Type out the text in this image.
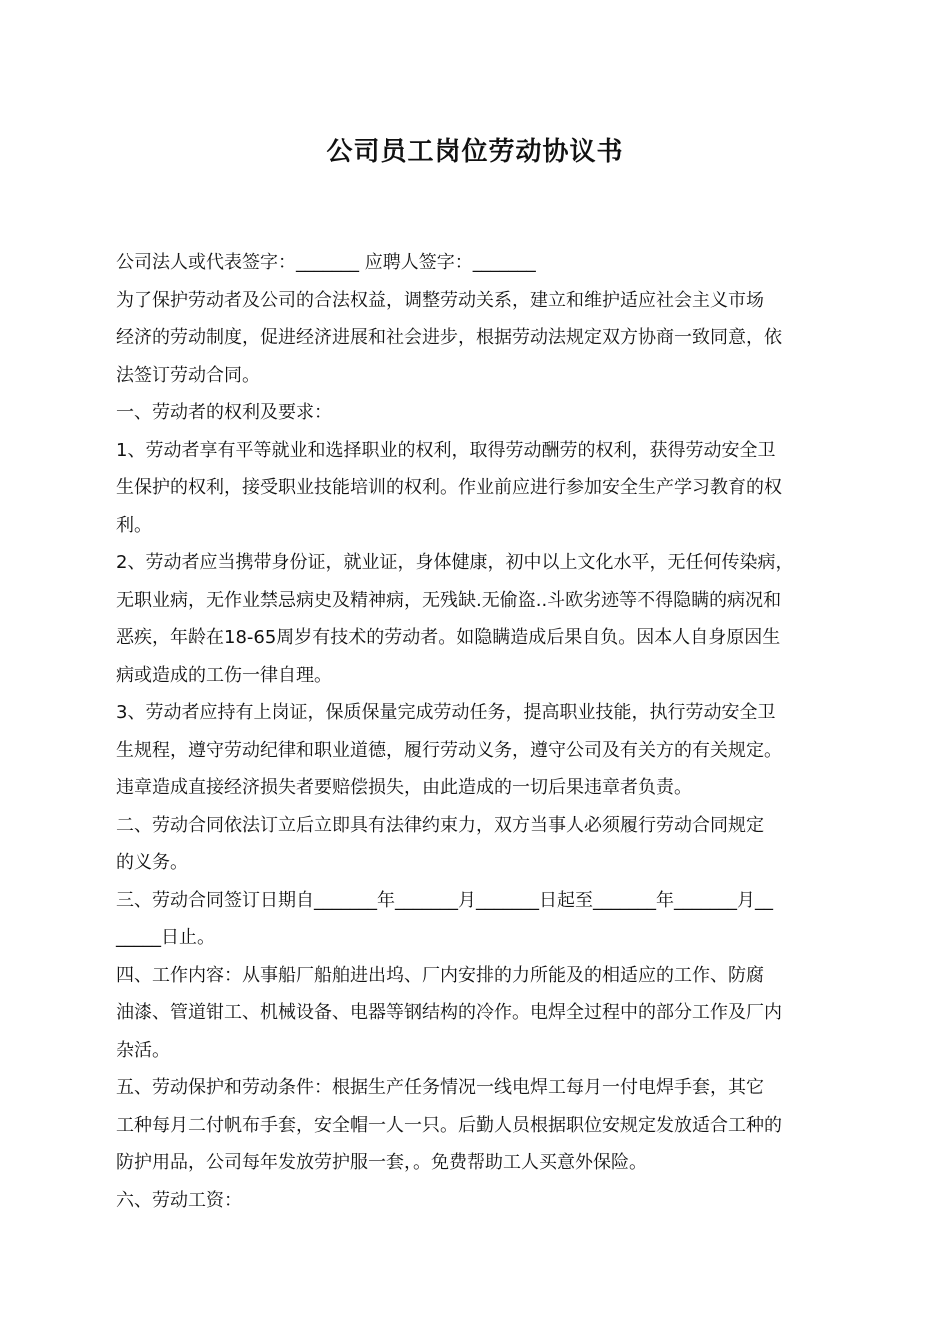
公司员工岗位劳动协议书

公司法人或代表签字：_______ 应聘人签字：_______

为了保护劳动者及公司的合法权益，调整劳动关系，建立和维护适应社会主义市场

经济的劳动制度，促进经济进展和社会进步，根据劳动法规定双方协商一致同意，依

法签订劳动合同。

一、劳动者的权利及要求：

1、劳动者享有平等就业和选择职业的权利，取得劳动酬劳的权利，获得劳动安全卫

生保护的权利，接受职业技能培训的权利。作业前应进行参加安全生产学习教育的权

利。

2、劳动者应当携带身份证，就业证，身体健康，初中以上文化水平，无任何传染病，

无职业病，无作业禁忌病史及精神病，无残缺.无偷盗..斗欧劣迹等不得隐瞒的病况和

恶疾，年龄在18-65周岁有技术的劳动者。如隐瞒造成后果自负。因本人自身原因生

病或造成的工伤一律自理。

3、劳动者应持有上岗证，保质保量完成劳动任务，提高职业技能，执行劳动安全卫

生规程，遵守劳动纪律和职业道德，履行劳动义务，遵守公司及有关方的有关规定。

违章造成直接经济损失者要赔偿损失，由此造成的一切后果违章者负责。

二、劳动合同依法订立后立即具有法律约束力，双方当事人必须履行劳动合同规定

的义务。

三、劳动合同签订日期自_______年_______月_______日起至_______年_______月__

_____日止。

四、工作内容：从事船厂船舶进出坞、厂内安排的力所能及的相适应的工作、防腐

油漆、管道钳工、机械设备、电器等钢结构的冷作。电焊全过程中的部分工作及厂内

杂活。

五、劳动保护和劳动条件：根据生产任务情况一线电焊工每月一付电焊手套，其它

工种每月二付帆布手套，安全帽一人一只。后勤人员根据职位安规定发放适合工种的

防护用品，公司每年发放劳护服一套，。免费帮助工人买意外保险。

六、劳动工资：
